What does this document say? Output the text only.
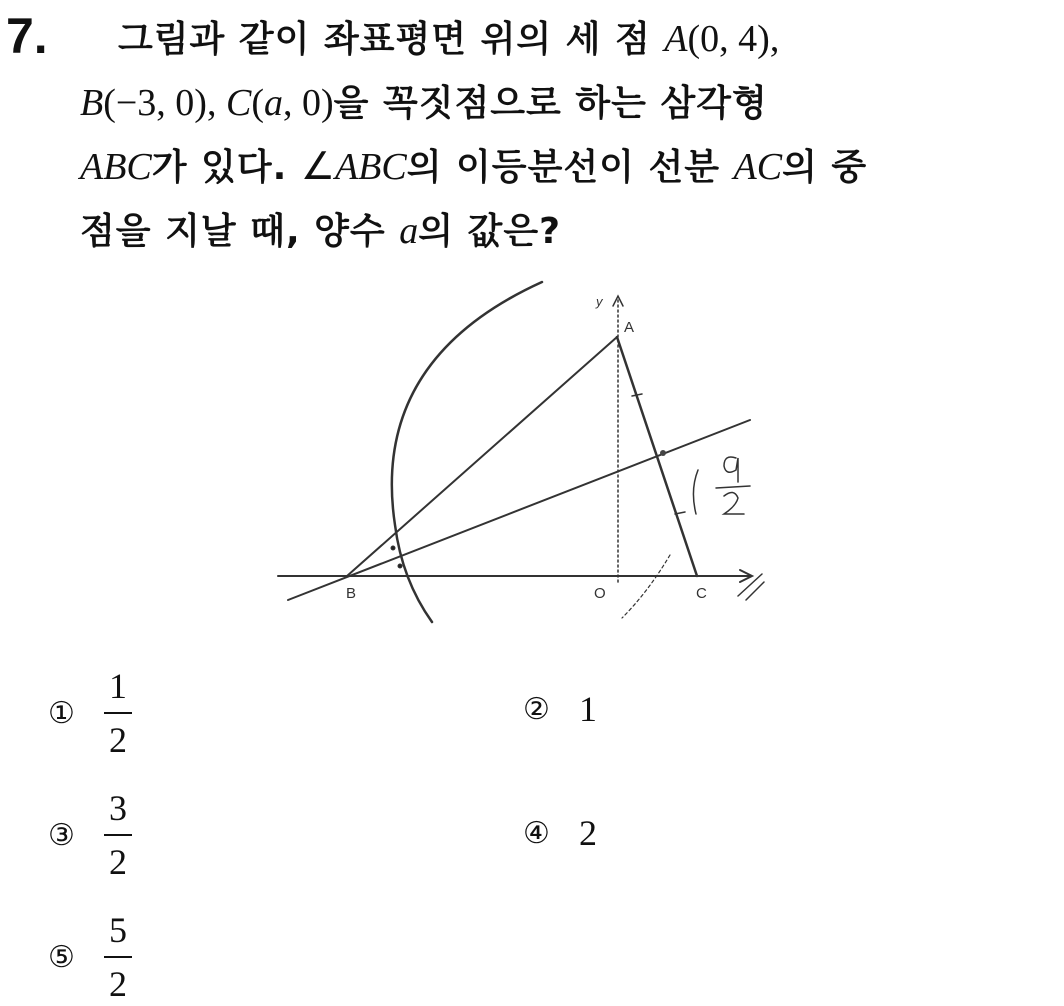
7. 그림과 같이 좌표평면 위의 세 점 A(0, 4),
B(−3, 0), C(a, 0)을 꼭짓점으로 하는 삼각형
ABC가 있다. ∠ABC의 이등분선이 선분 AC의 중
점을 지날 때, 양수 a의 값은?
A
B	O	C
y
① $\frac{1}{2}$	② 1
③ $\frac{3}{2}$	④ 2
⑤ $\frac{5}{2}$
